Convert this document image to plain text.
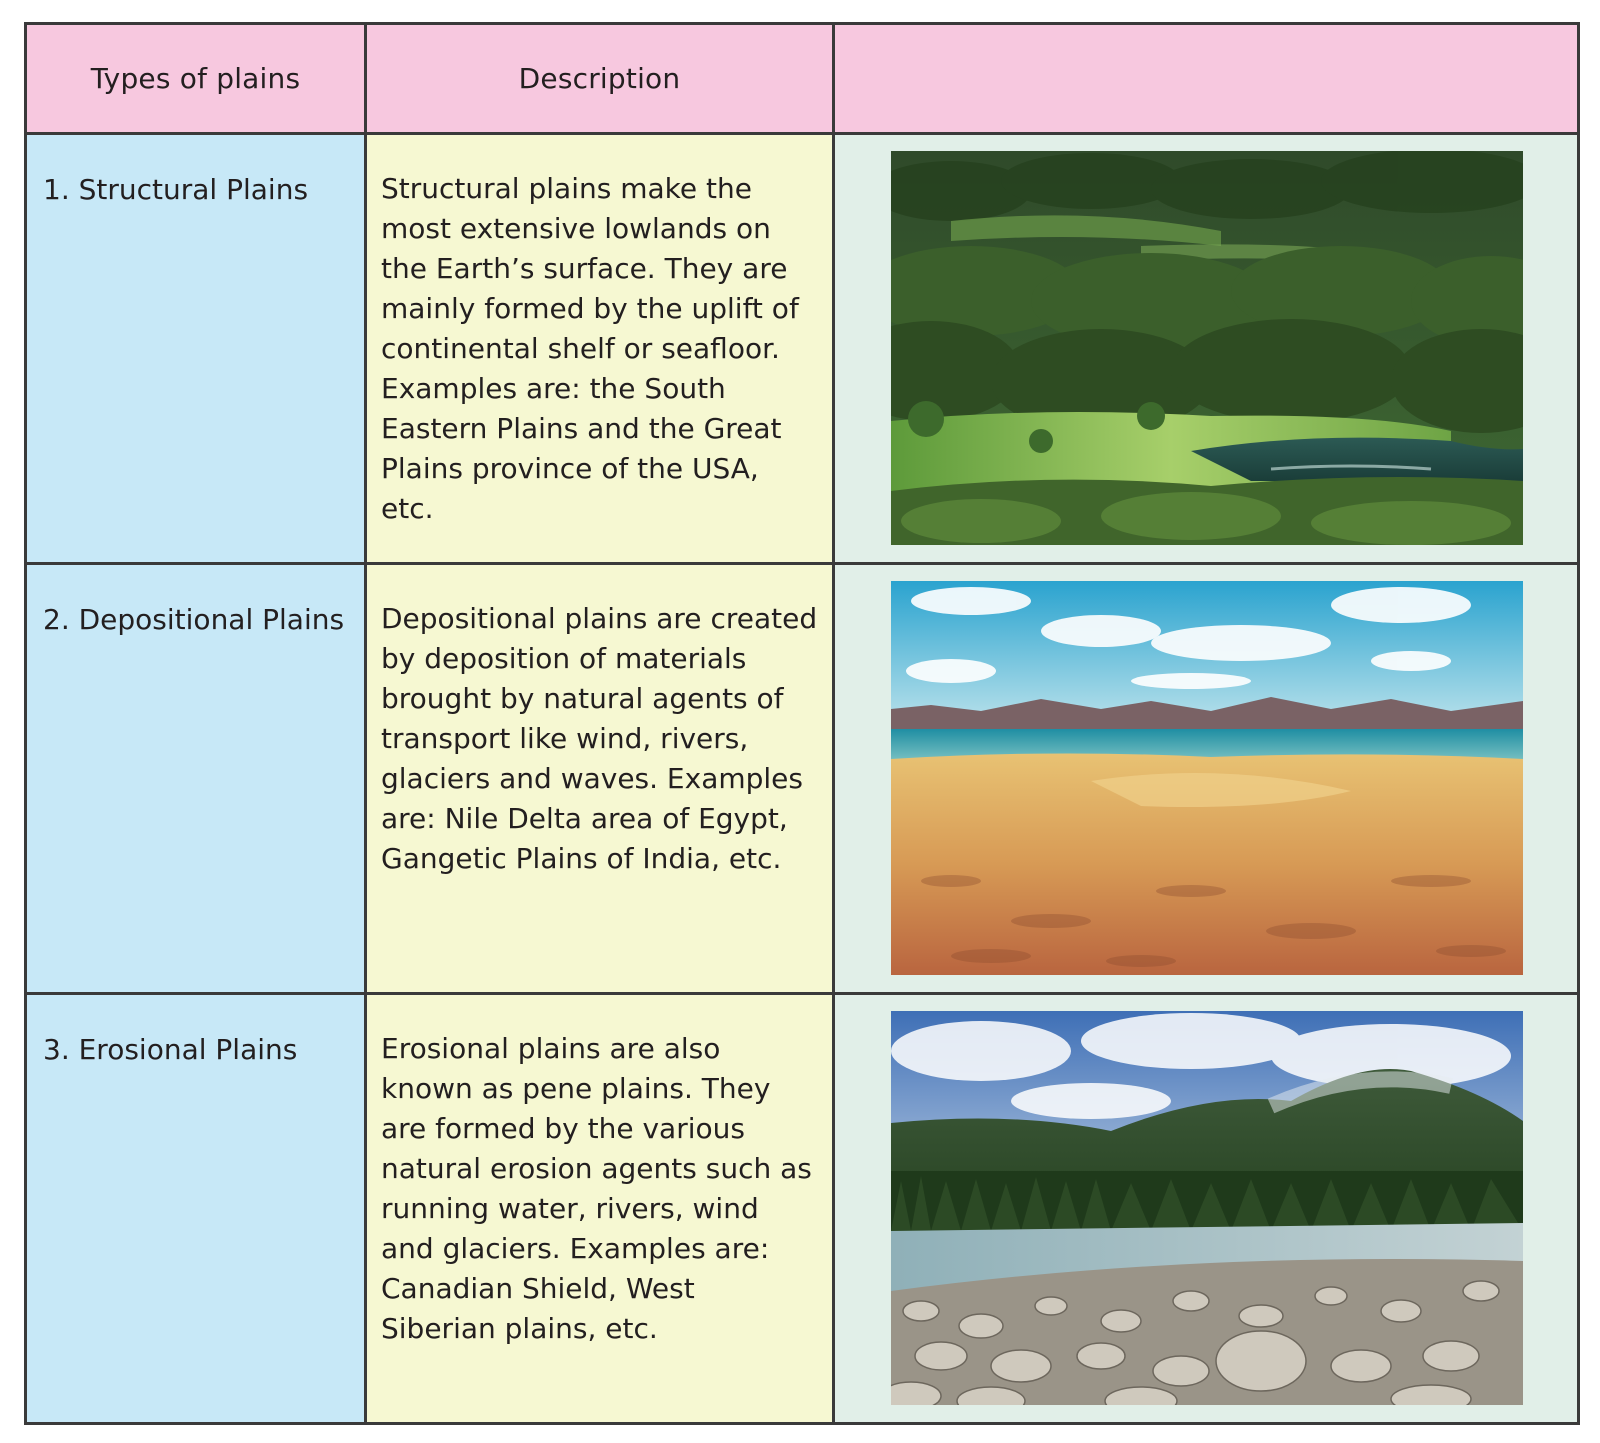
Types of plains	Description	

1. Structural Plains	Structural plains make the most extensive lowlands on the Earth’s surface. They are mainly formed by the uplift of continental shelf or seafloor. Examples are: the South Eastern Plains and the Great Plains province of the USA, etc.

2. Depositional Plains	Depositional plains are created by deposition of materials brought by natural agents of transport like wind, rivers, glaciers and waves. Examples are: Nile Delta area of Egypt, Gangetic Plains of India, etc.

3. Erosional Plains	Erosional plains are also known as pene plains. They are formed by the various natural erosion agents such as running water, rivers, wind and glaciers. Examples are: Canadian Shield, West Siberian plains, etc.
